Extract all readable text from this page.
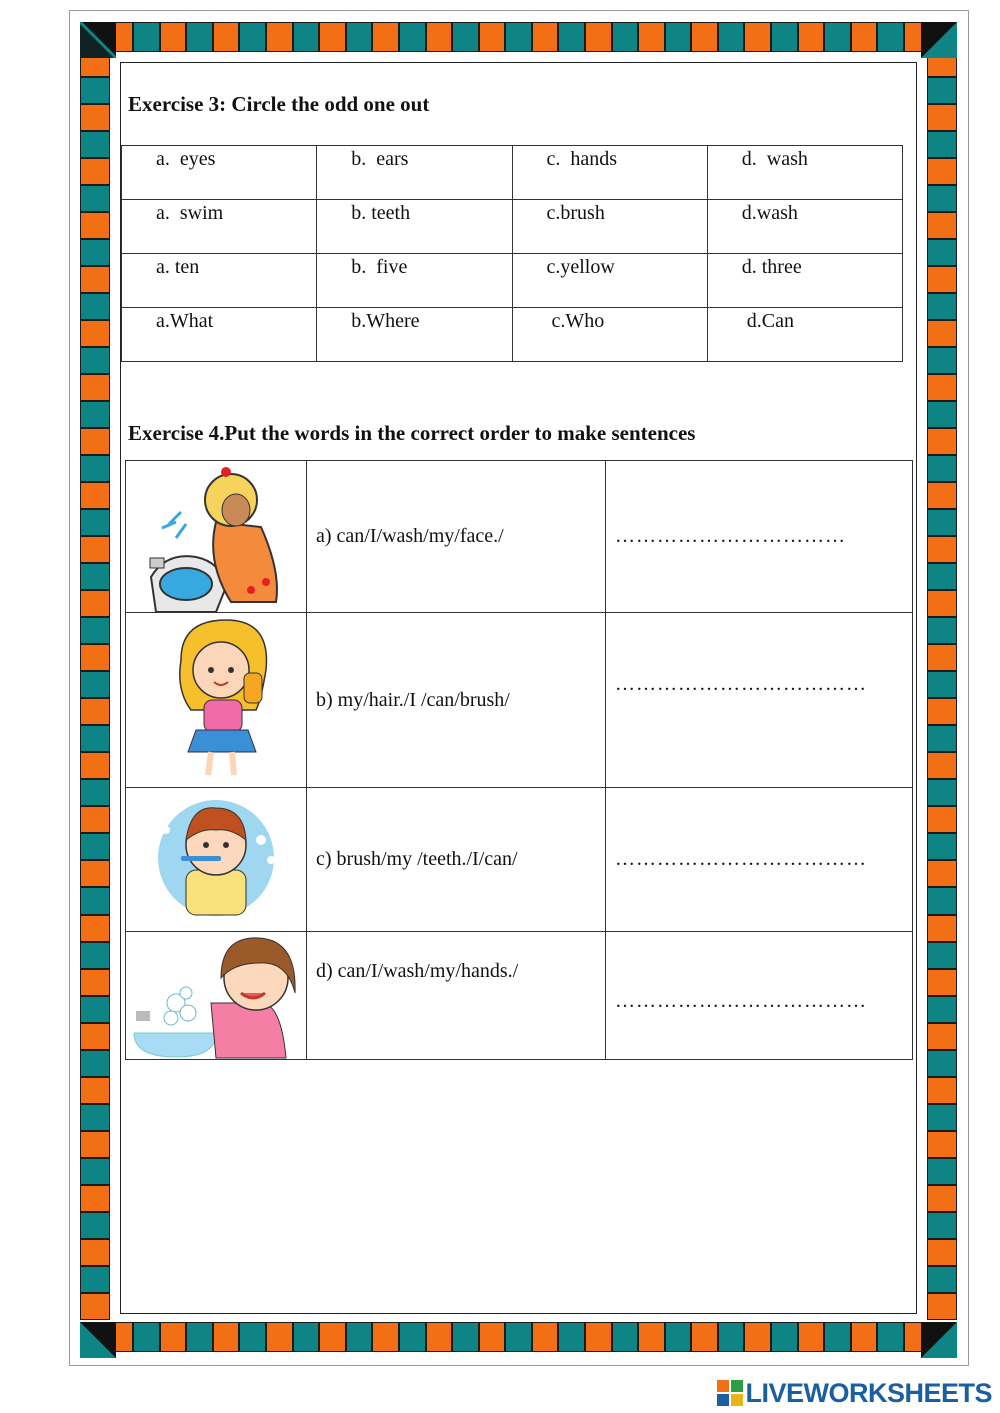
Exercise 3: Circle the odd one out
a.  eyes	b.  ears	c.  hands	d.  wash
a.  swim	b. teeth	c.brush	d.wash
a. ten	b.  five	c.yellow	d. three
a.What	b.Where	c.Who	d.Can
Exercise 4.Put the words in the correct order to make sentences
	a) can/I/wash/my/face./	……………………………

	b) my/hair./I /can/brush/	………………………………

	c) brush/my /teeth./I/can/	………………………………

	d) can/I/wash/my/hands./	………………………………
LIVEWORKSHEETS
